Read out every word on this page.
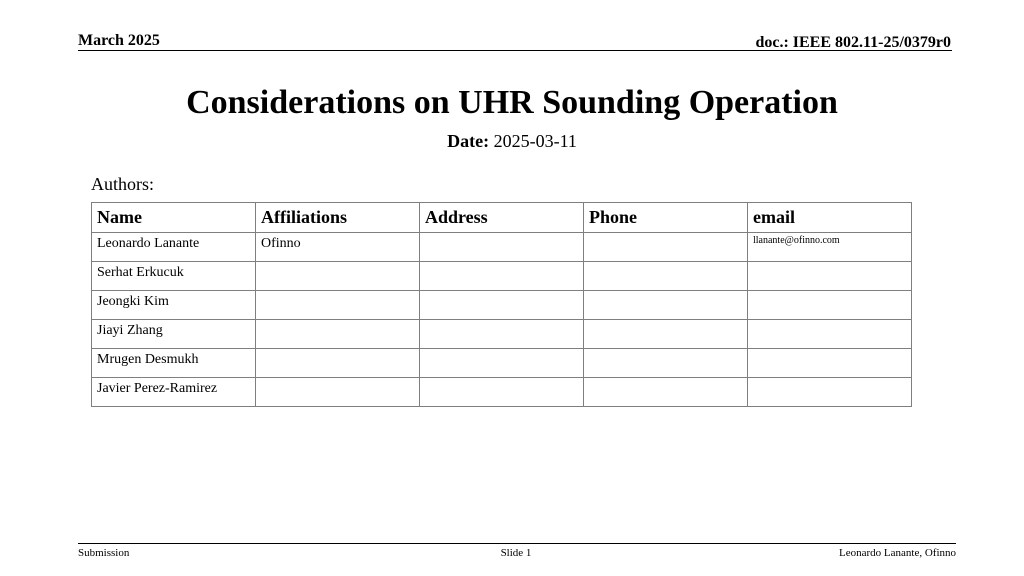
March 2025	doc.: IEEE 802.11-25/0379r0
Considerations on UHR Sounding Operation
Date: 2025-03-11
Authors:
Name	Affiliations	Address	Phone	email
Leonardo Lanante	Ofinno			llanante@ofinno.com
Serhat Erkucuk				
Jeongki Kim				
Jiayi Zhang				
Mrugen Desmukh				
Javier Perez-Ramirez				
Submission	Slide 1	Leonardo Lanante, Ofinno
